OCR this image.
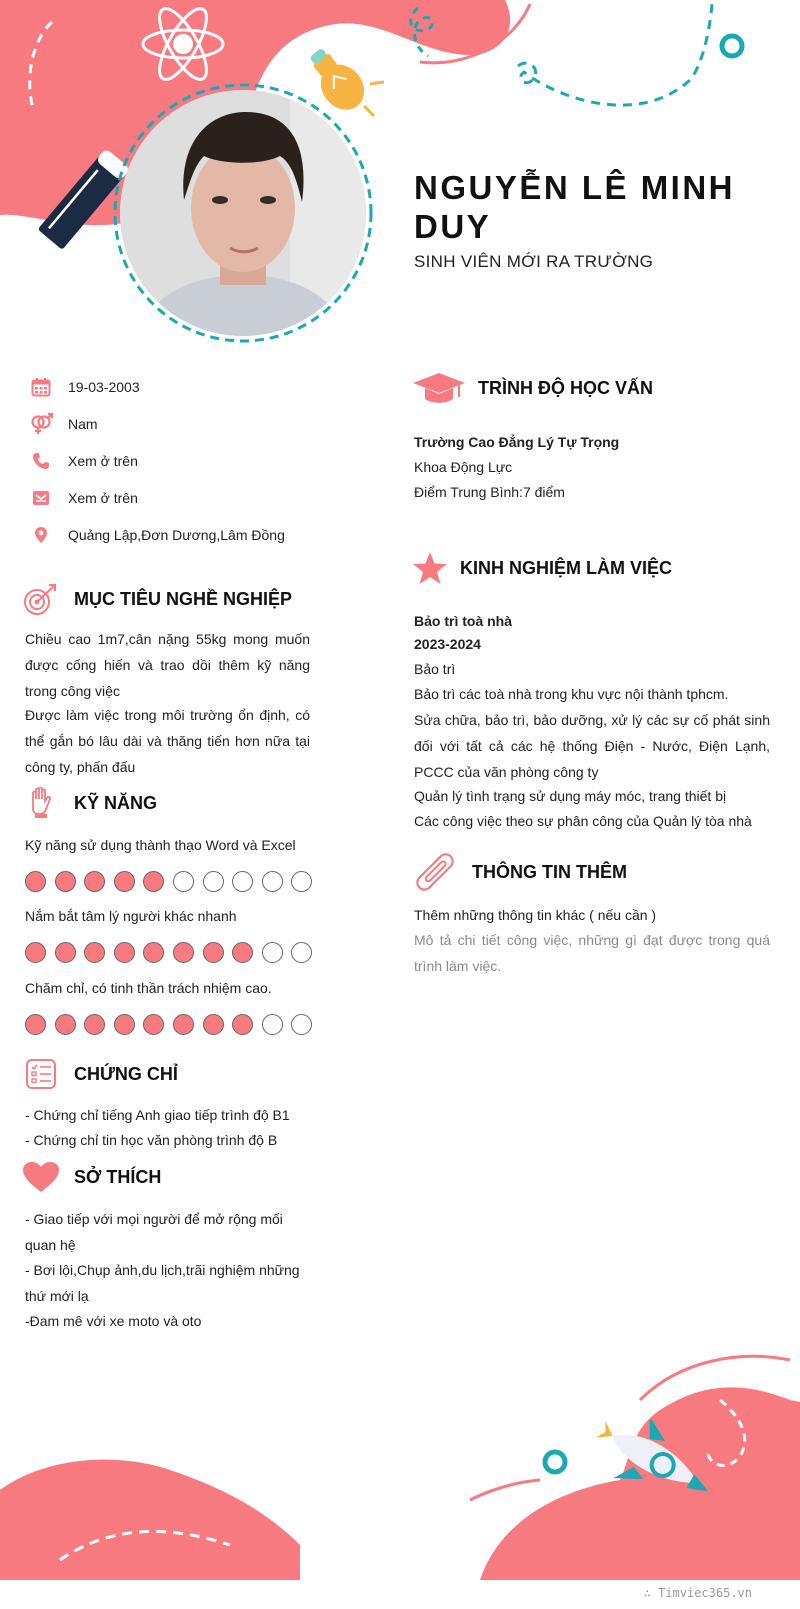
NGUYỄN LÊ MINH DUY
SINH VIÊN MỚI RA TRƯỜNG
19-03-2003
Nam
Xem ở trên
Xem ở trên
Quảng Lập,Đơn Dương,Lâm Đồng
MỤC TIÊU NGHỀ NGHIỆP
Chiều cao 1m7,cân nặng 55kg mong muốn được cống hiến và trao dồi thêm kỹ năng trong công việc
Được làm việc trong môi trường ổn định, có thể gắn bó lâu dài và thăng tiến hơn nữa tại công ty, phấn đấu
KỸ NĂNG
Kỹ năng sử dụng thành thạo Word và Excel
Nắm bắt tâm lý người khác nhanh
Chăm chỉ, có tinh thần trách nhiệm cao.
CHỨNG CHỈ
- Chứng chỉ tiếng Anh giao tiếp trình độ B1
- Chứng chỉ tin học văn phòng trình độ B
SỞ THÍCH
- Giao tiếp với mọi người để mở rộng mối quan hệ
- Bơi lội,Chụp ảnh,du lịch,trãi nghiệm những thứ mới lạ
-Đam mê với xe moto và oto
TRÌNH ĐỘ HỌC VẤN
Trường Cao Đẳng Lý Tự Trọng
Khoa Động Lực
Điểm Trung Bình:7 điểm
KINH NGHIỆM LÀM VIỆC
Bảo trì toà nhà
2023-2024
Bảo trì
Bảo trì các toà nhà trong khu vực nội thành tphcm.
Sửa chữa, bảo trì, bảo dưỡng, xử lý các sự cố phát sinh đối với tất cả các hệ thống Điện - Nước, Điện Lạnh, PCCC của văn phòng công ty
Quản lý tình trạng sử dụng máy móc, trang thiết bị
Các công việc theo sự phân công của Quản lý tòa nhà
THÔNG TIN THÊM
Thêm những thông tin khác ( nếu cần )
Mô tả chi tiết công việc, những gì đạt được trong quá trình làm việc.
∴ Timviec365.vn
